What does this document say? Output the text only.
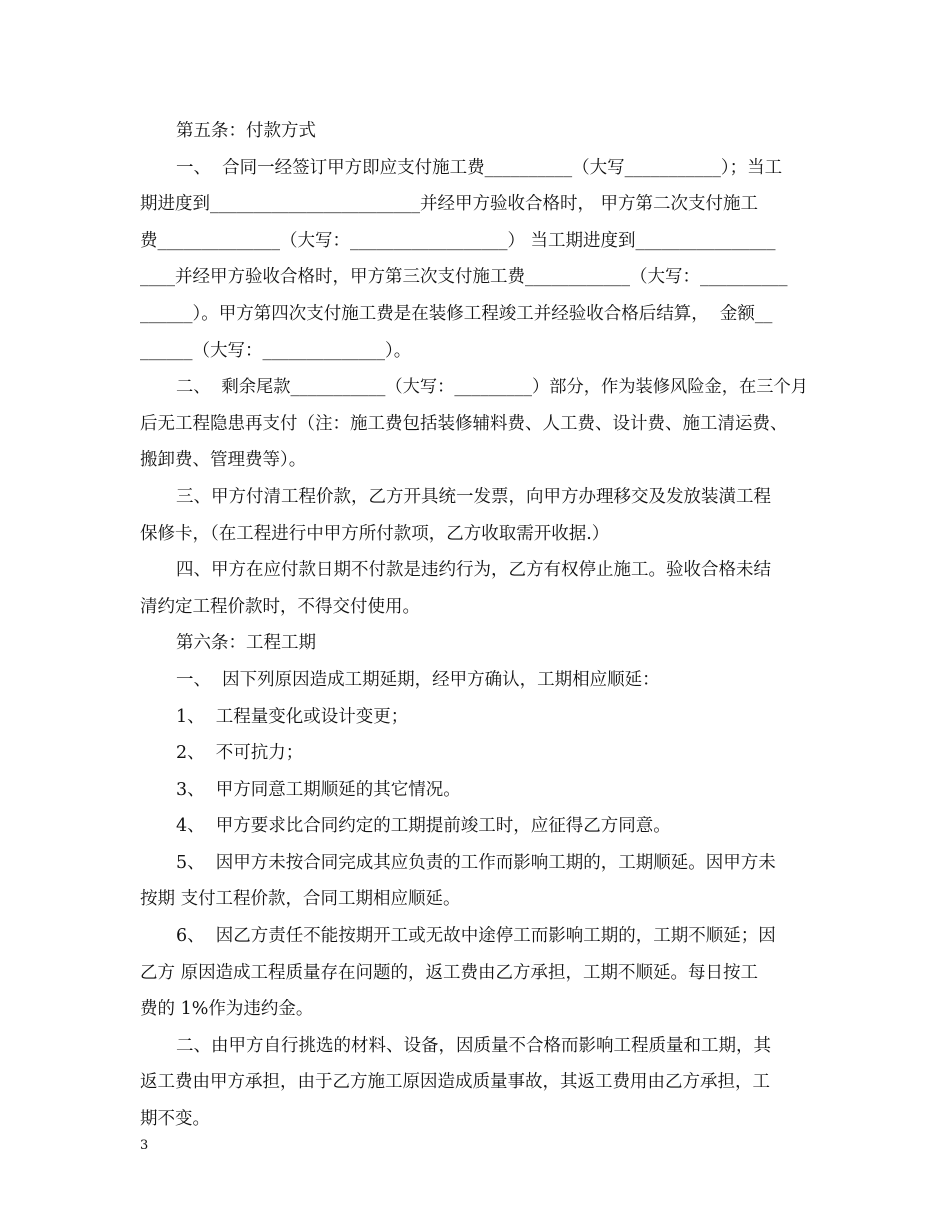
第五条：付款方式
一、  合同一经签订甲方即应支付施工费__________（大写___________）；当工
期进度到________________________并经甲方验收合格时， 甲方第二次支付施工
费______________（大写：__________________） 当工期进度到________________
____并经甲方验收合格时，甲方第三次支付施工费____________（大写：__________
______）。甲方第四次支付施工费是在装修工程竣工并经验收合格后结算，  金额__
______（大写：______________）。
二、  剩余尾款___________（大写：_________）部分，作为装修风险金，在三个月
后无工程隐患再支付（注：施工费包括装修辅料费、人工费、设计费、施工清运费、
搬卸费、管理费等）。
三、甲方付清工程价款，乙方开具统一发票，向甲方办理移交及发放装潢工程
保修卡，（在工程进行中甲方所付款项，乙方收取需开收据.）
四、甲方在应付款日期不付款是违约行为，乙方有权停止施工。验收合格未结
清约定工程价款时，不得交付使用。
第六条：工程工期
一、  因下列原因造成工期延期，经甲方确认，工期相应顺延：
1、  工程量变化或设计变更；
2、  不可抗力；
3、  甲方同意工期顺延的其它情况。
4、  甲方要求比合同约定的工期提前竣工时，应征得乙方同意。
5、  因甲方未按合同完成其应负责的工作而影响工期的，工期顺延。因甲方未
按期 支付工程价款，合同工期相应顺延。
6、  因乙方责任不能按期开工或无故中途停工而影响工期的，工期不顺延；因
乙方 原因造成工程质量存在问题的，返工费由乙方承担，工期不顺延。每日按工
费的 1%作为违约金。
二、由甲方自行挑选的材料、设备，因质量不合格而影响工程质量和工期，其
返工费由甲方承担，由于乙方施工原因造成质量事故，其返工费用由乙方承担，工
期不变。
3
